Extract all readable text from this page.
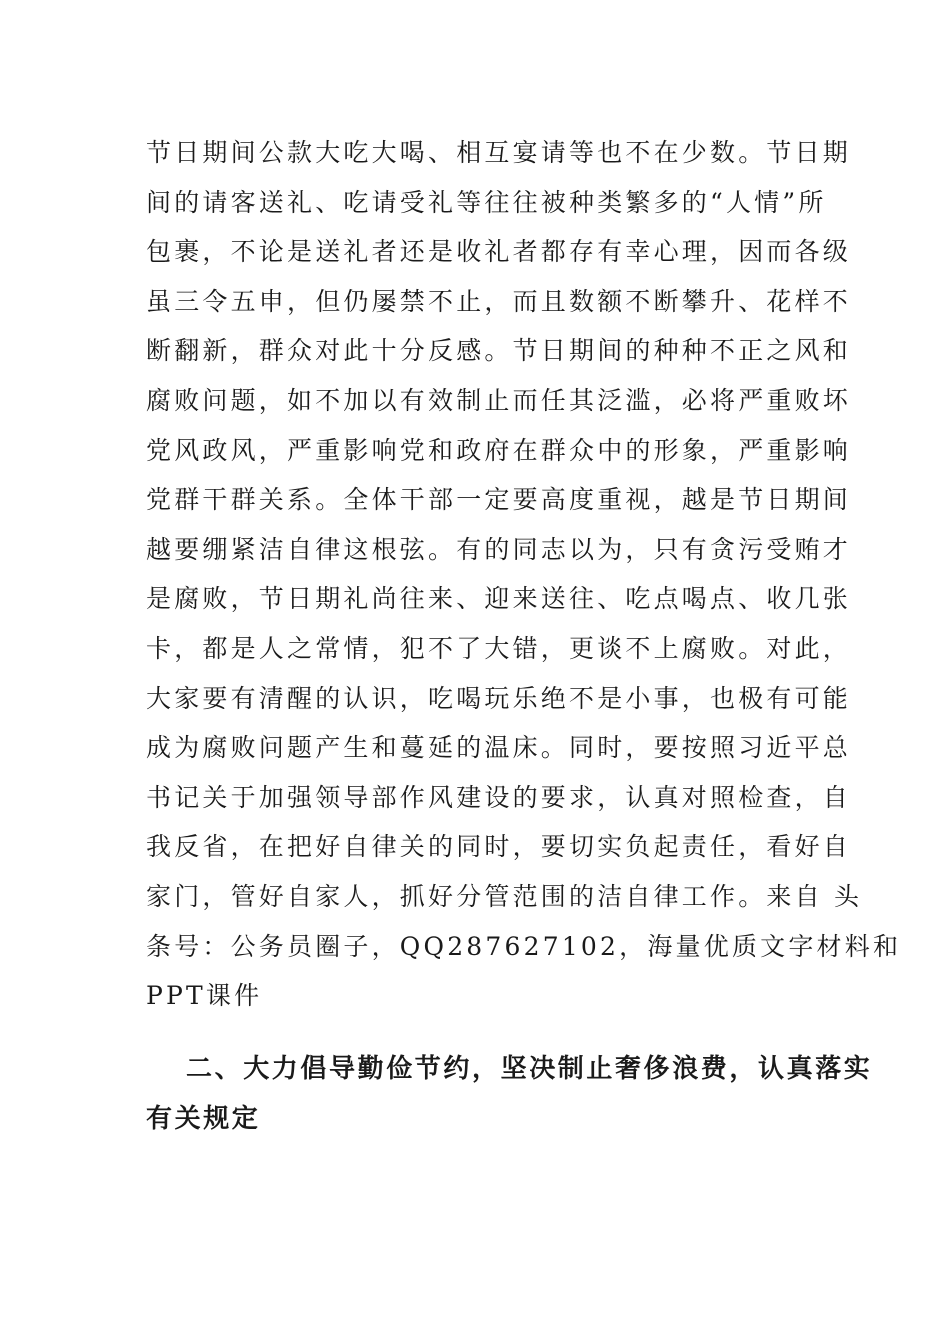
节日期间公款大吃大喝、相互宴请等也不在少数。节日期
间的请客送礼、吃请受礼等往往被种类繁多的“人情”所
包裹，不论是送礼者还是收礼者都存有幸心理，因而各级
虽三令五申，但仍屡禁不止，而且数额不断攀升、花样不
断翻新，群众对此十分反感。节日期间的种种不正之风和
腐败问题，如不加以有效制止而任其泛滥，必将严重败坏
党风政风，严重影响党和政府在群众中的形象，严重影响
党群干群关系。全体干部一定要高度重视，越是节日期间
越要绷紧洁自律这根弦。有的同志以为，只有贪污受贿才
是腐败，节日期礼尚往来、迎来送往、吃点喝点、收几张
卡，都是人之常情，犯不了大错，更谈不上腐败。对此，
大家要有清醒的认识，吃喝玩乐绝不是小事，也极有可能
成为腐败问题产生和蔓延的温床。同时，要按照习近平总
书记关于加强领导部作风建设的要求，认真对照检查，自
我反省，在把好自律关的同时，要切实负起责任，看好自
家门，管好自家人，抓好分管范围的洁自律工作。来自 头
条号：公务员圈子，QQ287627102，海量优质文字材料和
PPT课件
二、大力倡导勤俭节约，坚决制止奢侈浪费，认真落实
有关规定
